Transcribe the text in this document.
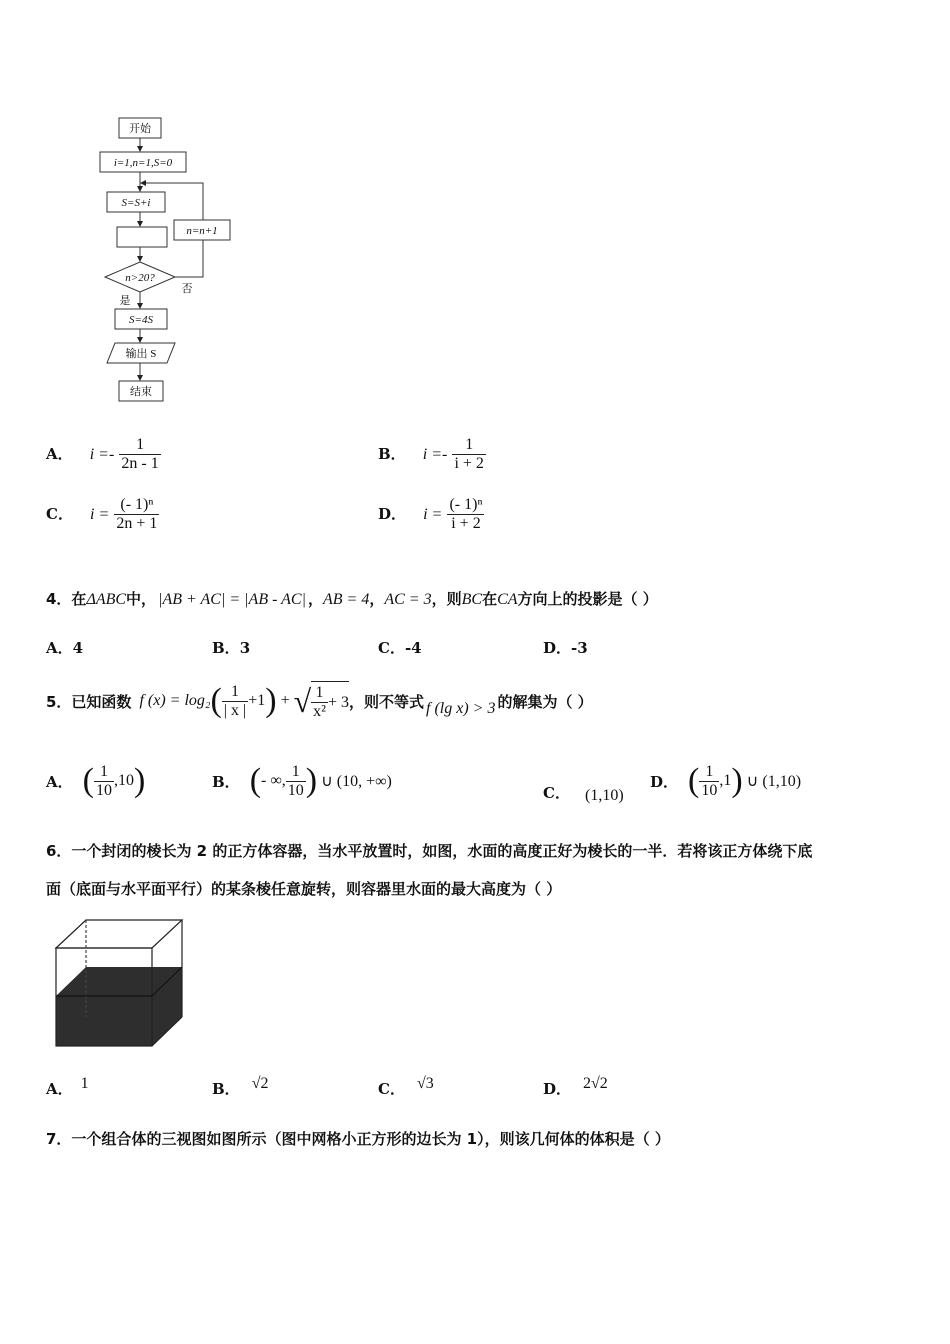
开始
i=1,n=1,S=0
S=S+i
n=n+1
n>20?
是
否
S=4S
输出 S
结束
A． $i =- \frac{1}{2n - 1}$	B． $i =- \frac{1}{i + 2}$
C． $i = \frac{\text{(- 1)ⁿ}}{2n + 1}$	D． $i = \frac{\text{(- 1)ⁿ}}{i + 2}$
4．在ΔABC中， |AB + AC| = |AB - AC| ，AB = 4，AC = 3，则BC在CA方向上的投影是（ ）
A．4	B．3	C．-4	D．-3
5．已知函数 f (x) = log₂ ( $\frac{1}{| x |} +1$ ) + √ $\frac{1}{\text{x²}} + 3$ ，则不等式 f (lg x) > 3 的解集为（ ）
A． ( $\frac{1}{10} ,10$ )	B． ( - ∞, $\frac{1}{10}$ ) ∪ (10, +∞)
C． (1,10)
D． ( $\frac{1}{10} ,1$ ) ∪ (1,10)
6．一个封闭的棱长为 2 的正方体容器，当水平放置时，如图，水面的高度正好为棱长的一半．若将该正方体绕下底
面（底面与水平面平行）的某条棱任意旋转，则容器里水面的最大高度为（ ）
A． 1	B． √2	C． √3	D． 2√2
7．一个组合体的三视图如图所示（图中网格小正方形的边长为 1），则该几何体的体积是（ ）
